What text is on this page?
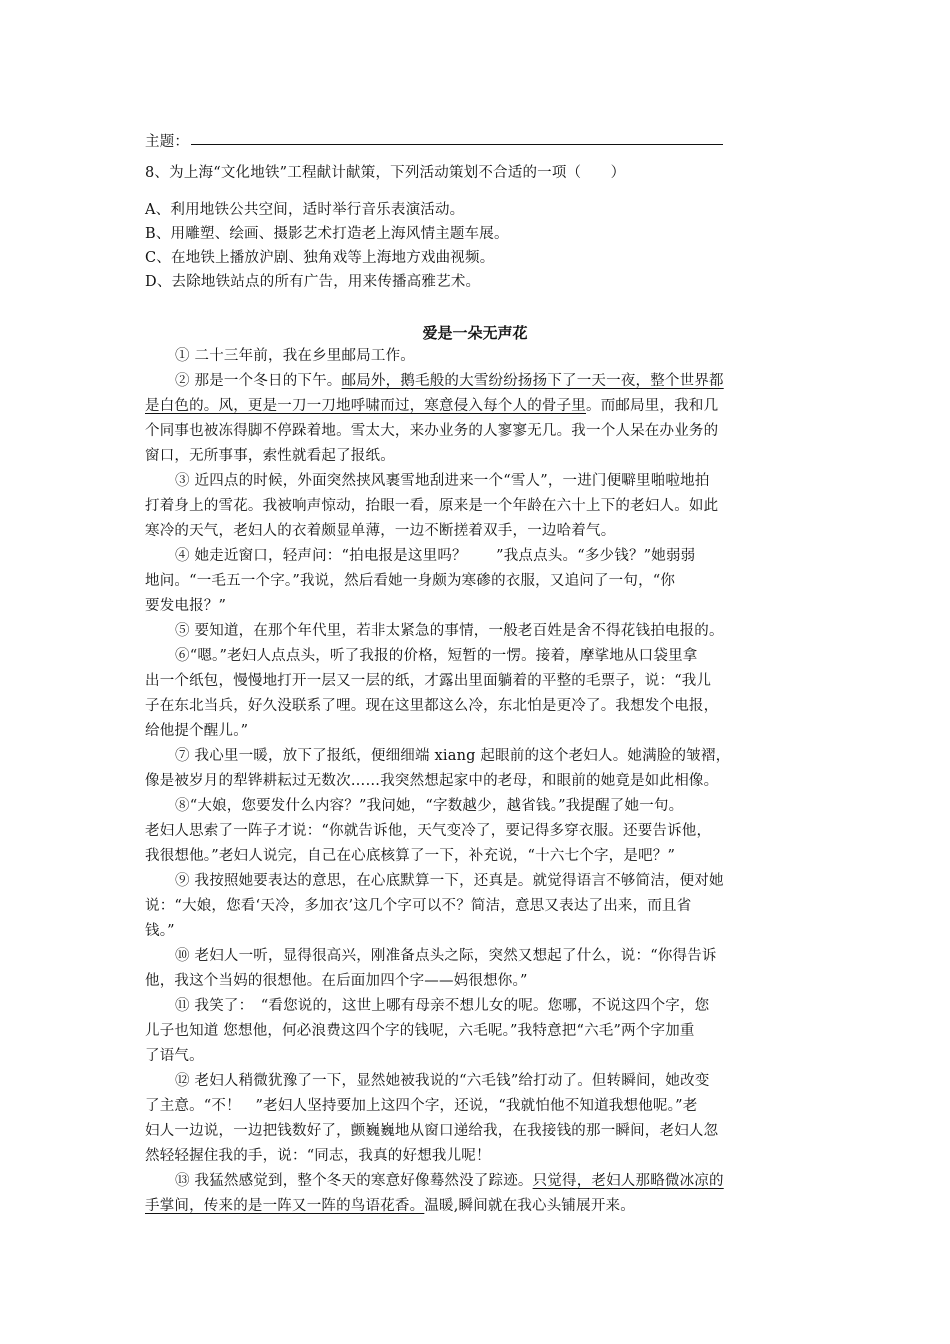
主题：
8、为上海“文化地铁”工程献计献策，下列活动策划不合适的一项（　　）
A、利用地铁公共空间，适时举行音乐表演活动。
B、用雕塑、绘画、摄影艺术打造老上海风情主题车展。
C、在地铁上播放沪剧、独角戏等上海地方戏曲视频。
D、去除地铁站点的所有广告，用来传播高雅艺术。
爱是一朵无声花
① 二十三年前，我在乡里邮局工作。
② 那是一个冬日的下午。邮局外，鹅毛般的大雪纷纷扬扬下了一天一夜，整个世界都
是白色的。风，更是一刀一刀地呼啸而过，寒意侵入每个人的骨子里。而邮局里，我和几
个同事也被冻得脚不停跺着地。雪太大，来办业务的人寥寥无几。我一个人呆在办业务的
窗口，无所事事，索性就看起了报纸。
③ 近四点的时候，外面突然挟风裹雪地刮进来一个“雪人”，一进门便噼里啪啦地拍
打着身上的雪花。我被响声惊动，抬眼一看，原来是一个年龄在六十上下的老妇人。如此
寒冷的天气，老妇人的衣着颇显单薄，一边不断搓着双手，一边哈着气。
④ 她走近窗口，轻声问：“拍电报是这里吗？　　”我点点头。“多少钱？”她弱弱
地问。“一毛五一个字。”我说，然后看她一身颇为寒碜的衣服，又追问了一句，“你
要发电报？”
⑤ 要知道，在那个年代里，若非太紧急的事情，一般老百姓是舍不得花钱拍电报的。
⑥“嗯。”老妇人点点头，听了我报的价格，短暂的一愣。接着，摩挲地从口袋里拿
出一个纸包，慢慢地打开一层又一层的纸，才露出里面躺着的平整的毛票子，说：“我儿
子在东北当兵，好久没联系了哩。现在这里都这么冷，东北怕是更冷了。我想发个电报，
给他提个醒儿。”
⑦ 我心里一暖，放下了报纸，便细细端 xiang 起眼前的这个老妇人。她满脸的皱褶，
像是被岁月的犁铧耕耘过无数次……我突然想起家中的老母，和眼前的她竟是如此相像。
⑧“大娘，您要发什么内容？”我问她，“字数越少，越省钱。”我提醒了她一句。
老妇人思索了一阵子才说：“你就告诉他，天气变冷了，要记得多穿衣服。还要告诉他，
我很想他。”老妇人说完，自己在心底核算了一下，补充说，“十六七个字，是吧？”
⑨ 我按照她要表达的意思，在心底默算一下，还真是。就觉得语言不够简洁，便对她
说：“大娘，您看‘天冷，多加衣’这几个字可以不？简洁，意思又表达了出来，而且省
钱。”
⑩ 老妇人一听，显得很高兴，刚准备点头之际，突然又想起了什么，说：“你得告诉
他，我这个当妈的很想他。在后面加四个字——妈很想你。”
⑪ 我笑了：　“看您说的，这世上哪有母亲不想儿女的呢。您哪，不说这四个字，您
儿子也知道 您想他，何必浪费这四个字的钱呢，六毛呢。”我特意把“六毛”两个字加重
了语气。
⑫ 老妇人稍微犹豫了一下，显然她被我说的“六毛钱”给打动了。但转瞬间，她改变
了主意。“不！　”老妇人坚持要加上这四个字，还说，“我就怕他不知道我想他呢。”老
妇人一边说，一边把钱数好了，颤巍巍地从窗口递给我，在我接钱的那一瞬间，老妇人忽
然轻轻握住我的手，说：“同志，我真的好想我儿呢！
⑬ 我猛然感觉到，整个冬天的寒意好像蓦然没了踪迹。只觉得，老妇人那略微冰凉的
手掌间，传来的是一阵又一阵的鸟语花香。温暖,瞬间就在我心头铺展开来。
